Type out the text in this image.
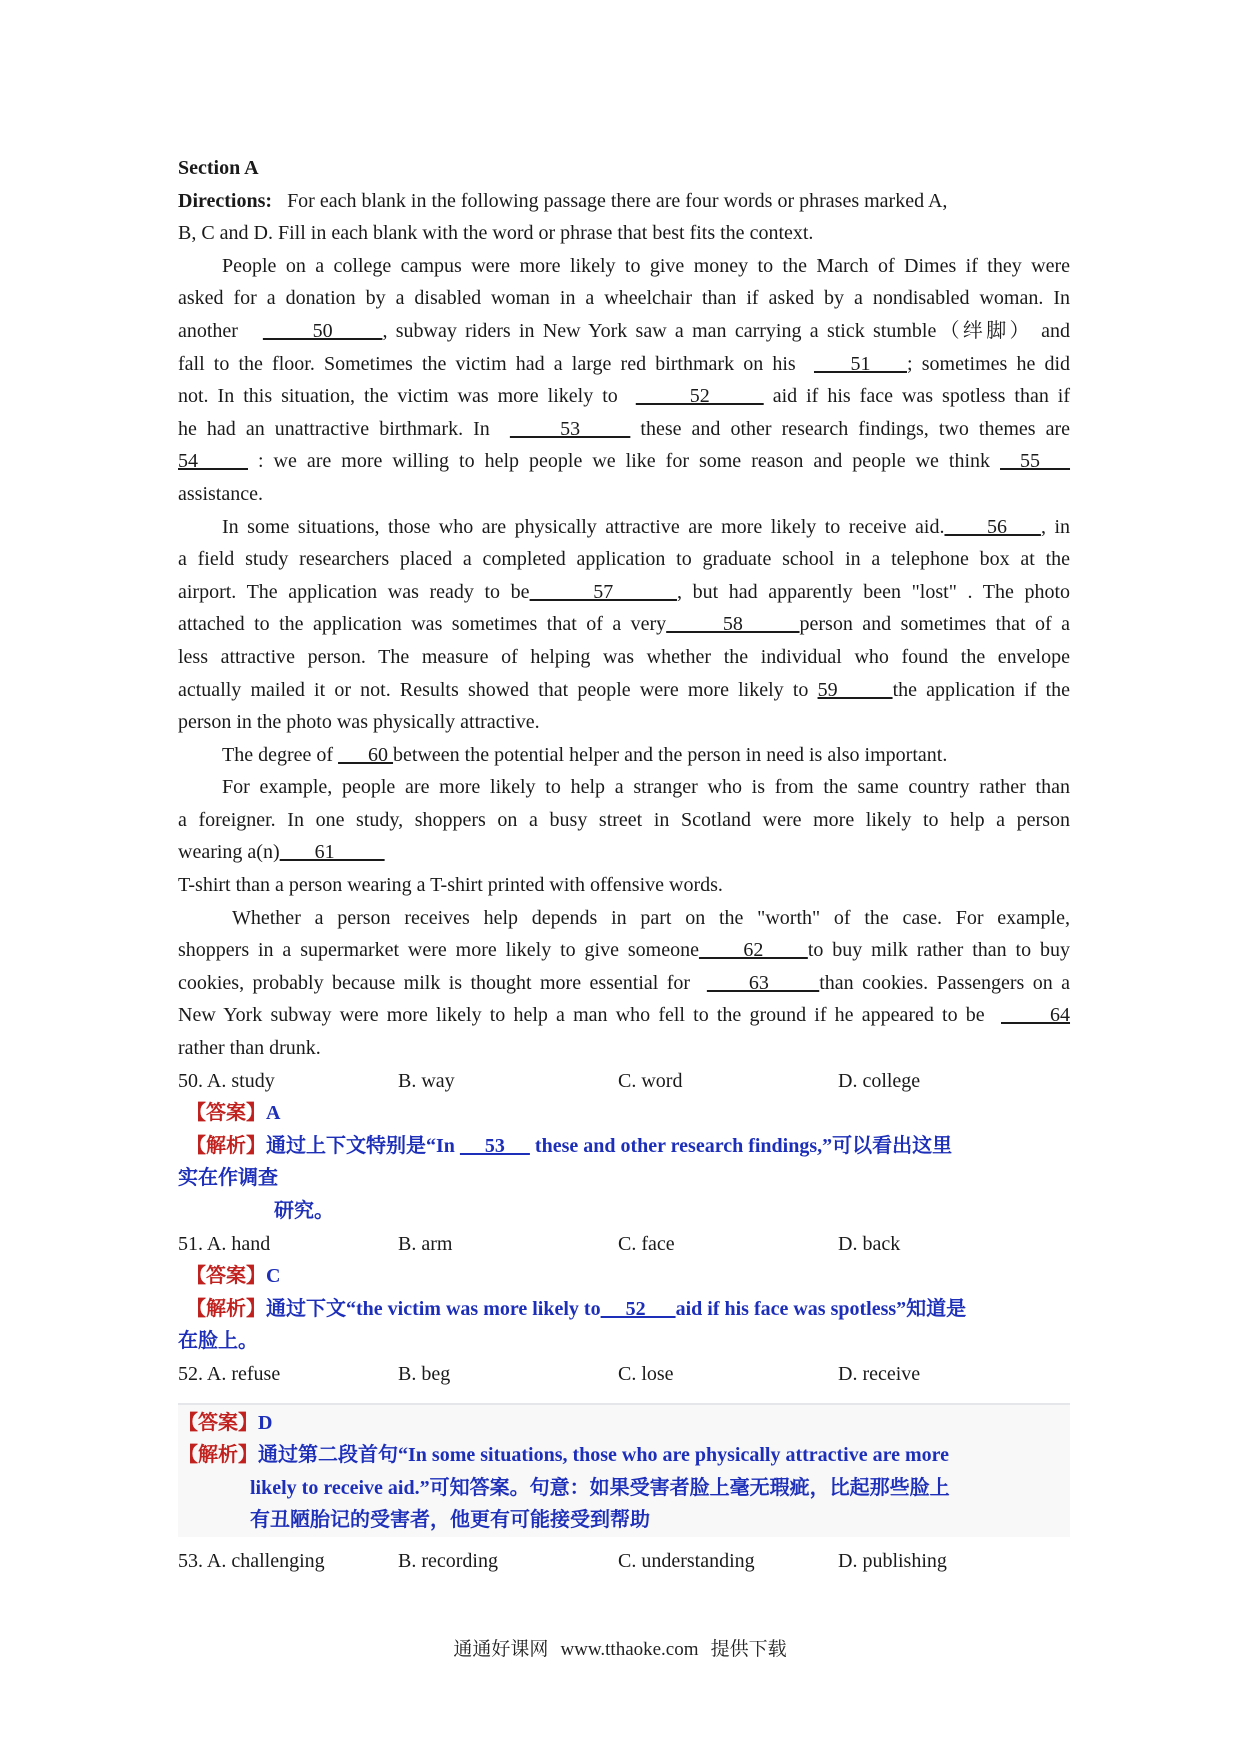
Section A
Directions: For each blank in the following passage there are four words or phrases marked A,
B, C and D. Fill in each blank with the word or phrase that best fits the context.
People on a college campus were more likely to give money to the March of Dimes if they were
asked for a donation by a disabled woman in a wheelchair than if asked by a nondisabled woman. In
another         50      , subway riders in New York saw a man carrying a stick stumble（绊脚） and
fall to the floor. Sometimes the victim had a large red birthmark on his      51    ; sometimes he did
not. In this situation, the victim was more likely to        52       aid if his face was spotless than if
he had an unattractive birthmark. In       53      these and other research findings, two themes are
54      : we are more willing to help people we like for some reason and people we think   55
assistance.
In some situations, those who are physically attractive are more likely to receive aid.     56    , in
a field study researchers placed a completed application to graduate school in a telephone box at the
airport. The application was ready to be      57      , but had apparently been "lost" . The photo
attached to the application was sometimes that of a very      58      person and sometimes that of a
less attractive person. The measure of helping was whether the individual who found the envelope
actually mailed it or not. Results showed that people were more likely to 59      the application if the
person in the photo was physically attractive.
The degree of       60 between the potential helper and the person in need is also important.
For example, people are more likely to help a stranger who is from the same country rather than
a foreigner. In one study, shoppers on a busy street in Scotland were more likely to help a person
wearing a(n)       61
T-shirt than a person wearing a T-shirt printed with offensive words.
Whether a person receives help depends in part on the "worth" of the case. For example,
shoppers in a supermarket were more likely to give someone     62     to buy milk rather than to buy
cookies, probably because milk is thought more essential for       63      than cookies. Passengers on a
New York subway were more likely to help a man who fell to the ground if he appeared to be        64
rather than drunk.
50. A. study	B. way	C. word	D. college
【答案】A
【解析】通过上下文特别是“In      53      these and other research findings,”可以看出这里
实在作调查
研究。
51. A. hand	B. arm	C. face	D. back
【答案】C
【解析】通过下文“the victim was more likely to     52      aid if his face was spotless”知道是
在脸上。
52. A. refuse	B. beg	C. lose	D. receive
【答案】D
【解析】通过第二段首句“In some situations, those who are physically attractive are more
likely to receive aid.”可知答案。句意：如果受害者脸上毫无瑕疵，比起那些脸上
有丑陋胎记的受害者，他更有可能接受到帮助
53. A. challenging	B. recording	C. understanding	D. publishing
通通好课网 www.tthaoke.com 提供下载
